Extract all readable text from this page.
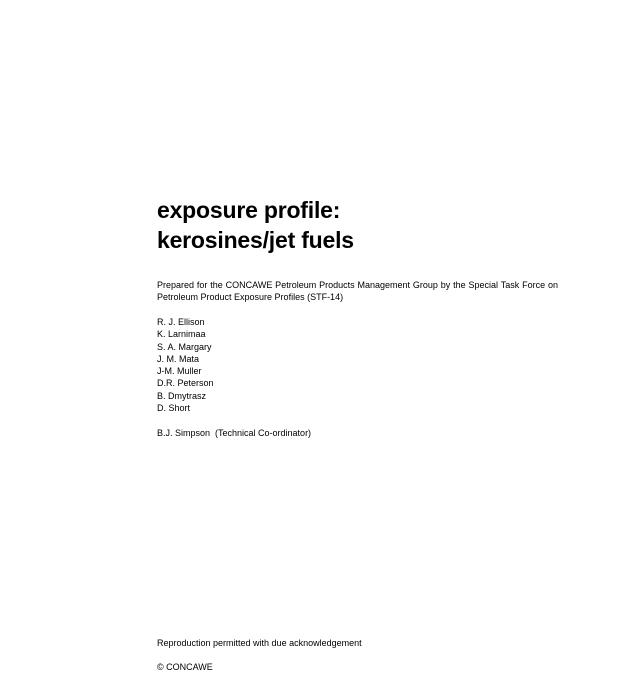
exposure profile:
kerosines/jet fuels

Prepared for the CONCAWE Petroleum Products Management Group by the Special Task Force on Petroleum Product Exposure Profiles (STF-14)

R. J. Ellison
K. Larnimaa
S. A. Margary
J. M. Mata
J-M. Muller
D.R. Peterson
B. Dmytrasz
D. Short

B.J. Simpson  (Technical Co-ordinator)

Reproduction permitted with due acknowledgement

© CONCAWE
